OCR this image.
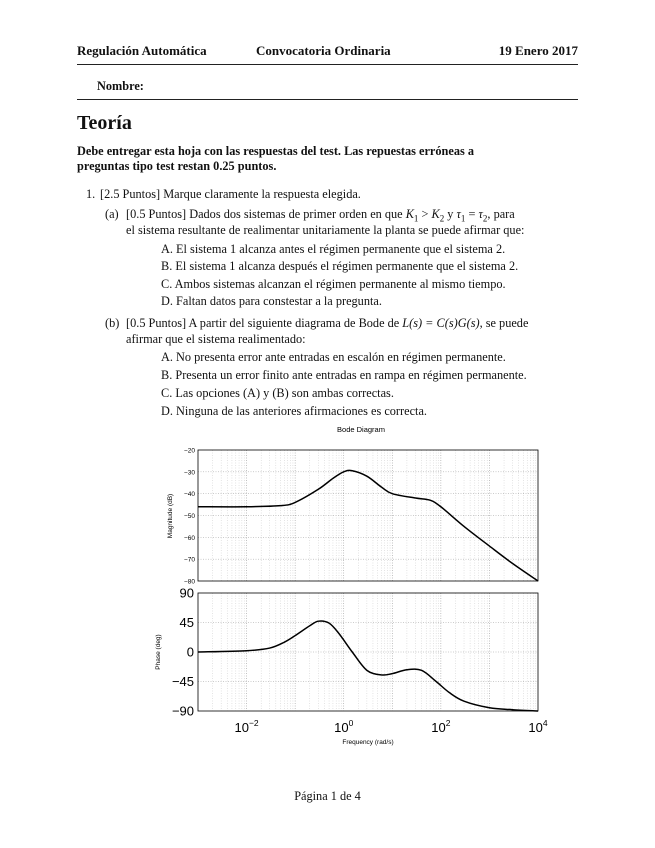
Regulación Automática	Convocatoria Ordinaria	19 Enero 2017
Nombre:
Teoría
Debe entregar esta hoja con las respuestas del test. Las repuestas erróneas a
preguntas tipo test restan 0.25 puntos.
1. [2.5 Puntos] Marque claramente la respuesta elegida.
(a) [0.5 Puntos] Dados dos sistemas de primer orden en que $K_1 > K_2$ y $\tau_1 = \tau_2$, para
el sistema resultante de realimentar unitariamente la planta se puede afirmar que:
A. El sistema 1 alcanza antes el régimen permanente que el sistema 2.
B. El sistema 1 alcanza después el régimen permanente que el sistema 2.
C. Ambos sistemas alcanzan el régimen permanente al mismo tiempo.
D. Faltan datos para constestar a la pregunta.
(b) [0.5 Puntos] A partir del siguiente diagrama de Bode de L(s) = C(s)G(s), se puede
afirmar que el sistema realimentado:
A. No presenta error ante entradas en escalón en régimen permanente.
B. Presenta un error finito ante entradas en rampa en régimen permanente.
C. Las opciones (A) y (B) son ambas correctas.
D. Ninguna de las anteriores afirmaciones es correcta.
Bode Diagram
−20
−30
−40
−50
−60
−70
−80
90
45
0
−45
−90
$10^{-2}$	$10^0$	$10^2$	$10^4$
Magnitude (dB)
Phase (deg)
Frequency (rad/s)
Página 1 de 4
